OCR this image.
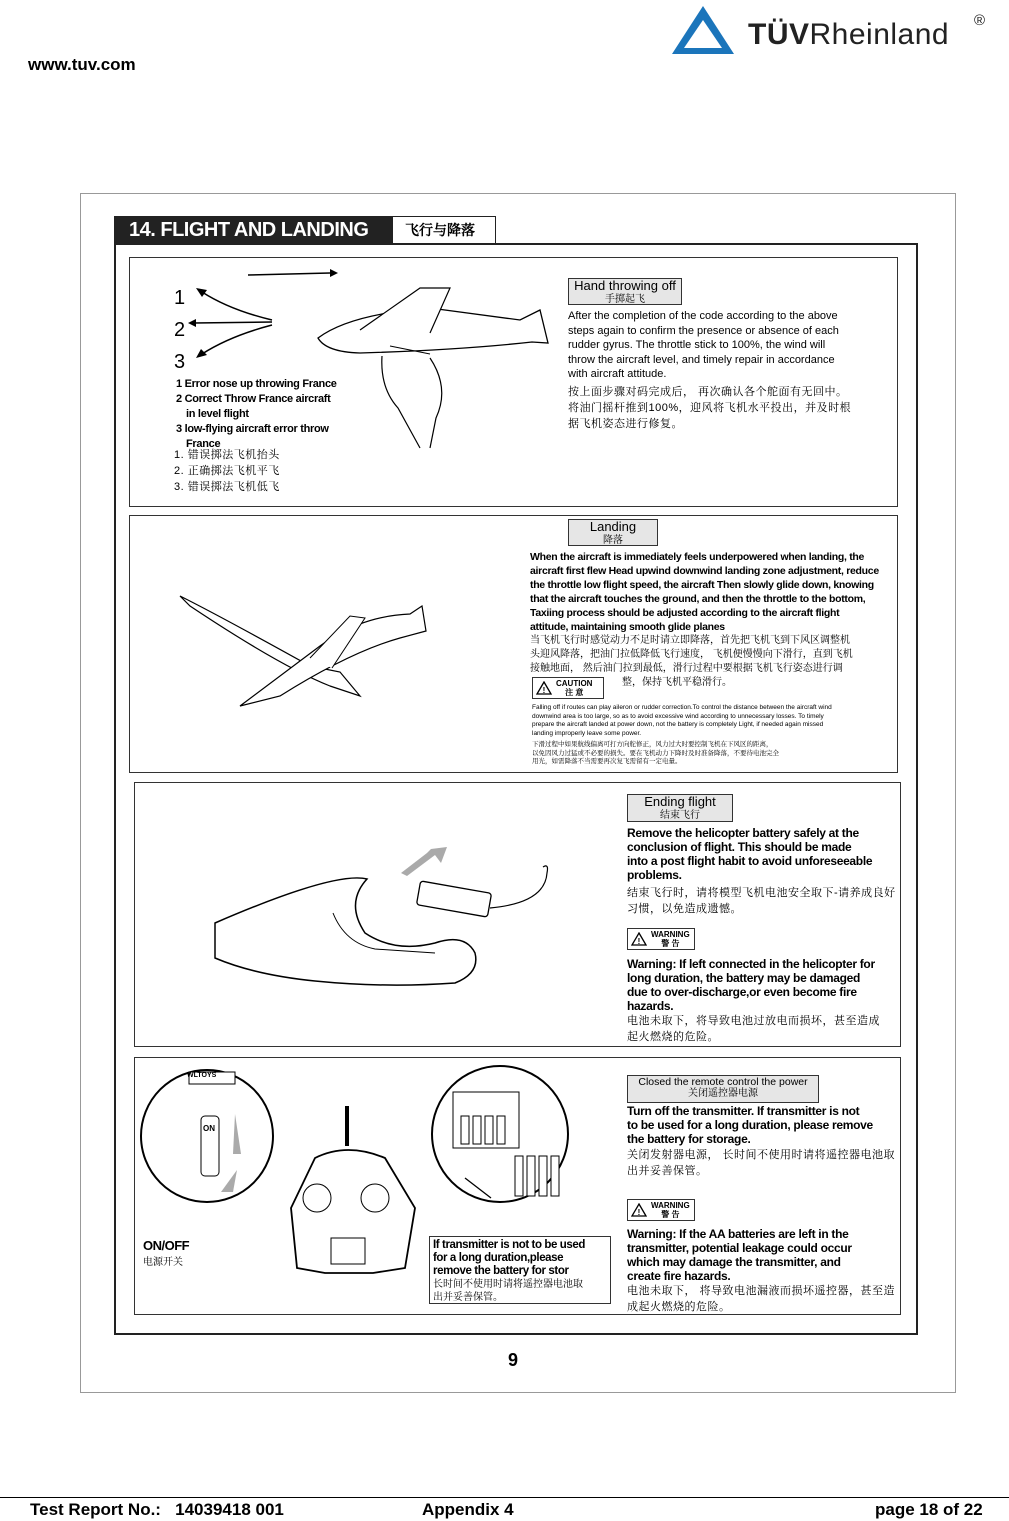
www.tuv.com
TÜVRheinland ®
14. FLIGHT AND LANDING	飞行与降落
1
2
3
1 Error nose up throwing France
2 Correct Throw France aircraft
in level flight
3 low-flying aircraft error throw
France
1. 错误掷法飞机抬头
2. 正确掷法飞机平飞
3. 错误掷法飞机低飞
Hand throwing off
手掷起飞
After the completion of the code according to the above
steps again to confirm the presence or absence of each
rudder gyrus. The throttle stick to 100%, the wind will
throw the aircraft level, and timely repair in accordance
with aircraft attitude.
按上面步骤对码完成后， 再次确认各个舵面有无回中。
将油门摇杆推到100%，迎风将飞机水平投出，并及时根
据飞机姿态进行修复。
Landing
降落
When the aircraft is immediately feels underpowered when landing, the
aircraft first flew Head upwind downwind landing zone adjustment, reduce
the throttle low flight speed, the aircraft Then slowly glide down, knowing
that the aircraft touches the ground, and then the throttle to the bottom,
Taxiing process should be adjusted according to the aircraft flight
attitude, maintaining smooth glide planes
当飞机飞行时感觉动力不足时请立即降落，首先把飞机飞到下风区调整机
头迎风降落，把油门拉低降低飞行速度， 飞机便慢慢向下滑行，直到飞机
接触地面， 然后油门拉到最低，滑行过程中要根据飞机飞行姿态进行调
整，保持飞机平稳滑行。
!
CAUTION
注 意
Falling off if routes can play aileron or rudder correction.To control the distance between the aircraft wind
downwind area is too large, so as to avoid excessive wind according to unnecessary losses. To timely
prepare the aircraft landed at power down, not the battery is completely Light, if needed again missed
landing improperly leave some power.
下滑过程中如果航线偏离可打方向舵修正，风力过大时要控制飞机在下风区的距离，
以免因风力过猛或不必要的损失。要在飞机动力下降时及时准备降落，不要待电池完全
用光，如需降落不当需要再次复飞需留有一定电量。
Ending flight
结束飞行
Remove the helicopter battery safely at the
conclusion of flight. This should be made
into a post flight habit to avoid unforeseeable
problems.
结束飞行时，请将模型飞机电池安全取下-请养成良好
习惯，以免造成遗憾。
!
WARNING
警 告
Warning: If left connected in the helicopter for
long duration, the battery may be damaged
due to over-discharge,or even become fire
hazards.
电池未取下，将导致电池过放电而损坏，甚至造成
起火燃烧的危险。
WLTOYS
ON
ON/OFF
电源开关
If transmitter is not to be used
for a long duration,please
remove the battery for stor
长时间不使用时请将遥控器电池取
出并妥善保管。
Closed the remote control the power
关闭遥控器电源
Turn off the transmitter. If transmitter is not
to be used for a long duration, please remove
the battery for storage.
关闭发射器电源， 长时间不使用时请将遥控器电池取
出并妥善保管。
!
WARNING
警 告
Warning: If the AA batteries are left in the
transmitter, potential leakage could occur
which may damage the transmitter, and
create fire hazards.
电池未取下， 将导致电池漏液而损坏遥控器，甚至造
成起火燃烧的危险。
9
Test Report No.: 14039418 001	Appendix 4	page 18 of 22
